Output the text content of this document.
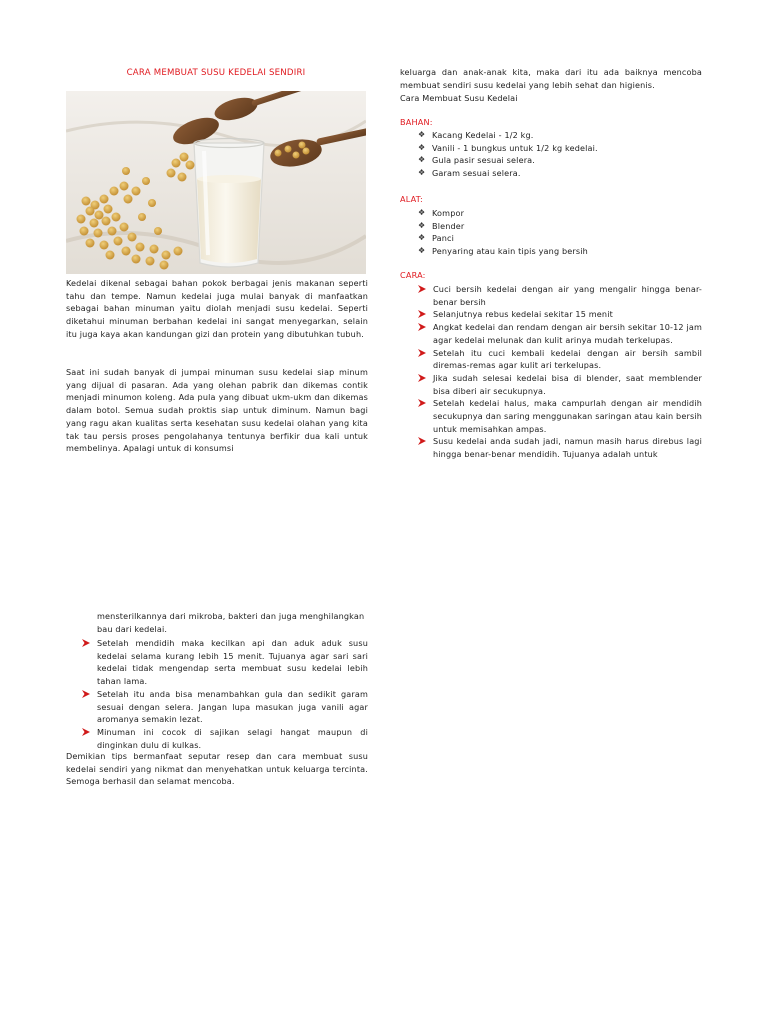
CARA MEMBUAT SUSU KEDELAI SENDIRI

Kedelai dikenal sebagai bahan pokok berbagai jenis makanan seperti tahu dan tempe. Namun kedelai juga mulai banyak di manfaatkan sebagai bahan minuman yaitu diolah menjadi susu kedelai. Seperti diketahui minuman berbahan kedelai ini sangat menyegarkan, selain itu juga kaya akan kandungan gizi dan protein yang dibutuhkan tubuh.

Saat ini sudah banyak di jumpai minuman susu kedelai siap minum yang dijual di pasaran. Ada yang olehan pabrik dan dikemas contik menjadi minumon koleng. Ada pula yang dibuat ukm-ukm dan dikemas dalam botol. Semua sudah proktis siap untuk diminum. Namun bagi yang ragu akan kualitas serta kesehatan susu kedelai olahan yang kita tak tau persis proses pengolahanya tentunya berfikir dua kali untuk membelinya. Apalagi untuk di konsumsi

keluarga dan anak-anak kita, maka dari itu ada baiknya mencoba membuat sendiri susu kedelai yang lebih sehat dan higienis.

Cara Membuat Susu Kedelai

BAHAN:

❖ Kacang Kedelai - 1/2 kg.
❖ Vanili - 1 bungkus untuk 1/2 kg kedelai.
❖ Gula pasir sesuai selera.
❖ Garam sesuai selera.

ALAT:

❖ Kompor
❖ Blender
❖ Panci
❖ Penyaring atau kain tipis yang bersih

CARA:

Cuci bersih kedelai dengan air yang mengalir hingga benar-benar bersih
Selanjutnya rebus kedelai sekitar 15 menit
Angkat kedelai dan rendam dengan air bersih sekitar 10-12 jam agar kedelai melunak dan kulit arinya mudah terkelupas.
Setelah itu cuci kembali kedelai dengan air bersih sambil diremas-remas agar kulit ari terkelupas.
Jika sudah selesai kedelai bisa di blender, saat memblender bisa diberi air secukupnya.
Setelah kedelai halus, maka campurlah dengan air mendidih secukupnya dan saring menggunakan saringan atau kain bersih untuk memisahkan ampas.
Susu kedelai anda sudah jadi, namun masih harus direbus lagi hingga benar-benar mendidih. Tujuanya adalah untuk

mensterilkannya dari mikroba, bakteri dan juga menghilangkan bau dari kedelai.

Setelah mendidih maka kecilkan api dan aduk aduk susu kedelai selama kurang lebih 15 menit. Tujuanya agar sari sari kedelai tidak mengendap serta membuat susu kedelai lebih tahan lama.
Setelah itu anda bisa menambahkan gula dan sedikit garam sesuai dengan selera. Jangan lupa masukan juga vanili agar aromanya semakin lezat.
Minuman ini cocok di sajikan selagi hangat maupun di dinginkan dulu di kulkas.

Demikian tips bermanfaat seputar resep dan cara membuat susu kedelai sendiri yang nikmat dan menyehatkan untuk keluarga tercinta. Semoga berhasil dan selamat mencoba.
